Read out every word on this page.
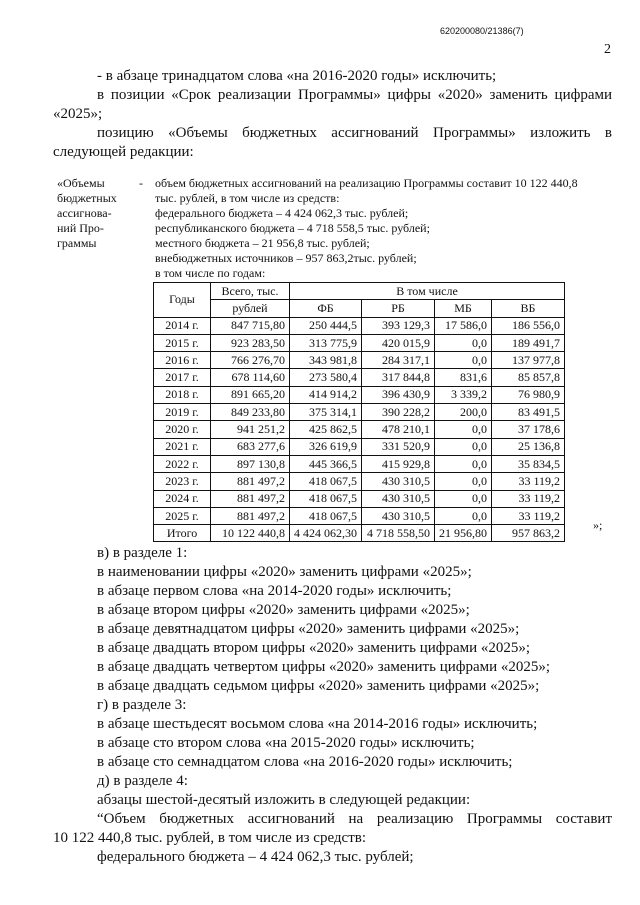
620200080/21386(7)
2
- в абзаце тринадцатом слова «на 2016-2020 годы» исключить;
в позиции «Срок реализации Программы» цифры «2020» заменить цифрами
«2025»;
позицию «Объемы бюджетных ассигнований Программы» изложить в
следующей редакции:
«Объемы
бюджетных
ассигнова-
ний Про-
граммы
- объем бюджетных ассигнований на реализацию Программы составит 10 122 440,8
тыс. рублей, в том числе из средств:
федерального бюджета – 4 424 062,3 тыс. рублей;
республиканского бюджета – 4 718 558,5 тыс. рублей;
местного бюджета – 21 956,8 тыс. рублей;
внебюджетных источников – 957 863,2тыс. рублей;
в том числе по годам:
Годы	Всего, тыс.	В том числе			
	рублей	ФБ	РБ	МБ	ВБ
2014 г.	847 715,80	250 444,5	393 129,3	17 586,0	186 556,0
2015 г.	923 283,50	313 775,9	420 015,9	0,0	189 491,7
2016 г.	766 276,70	343 981,8	284 317,1	0,0	137 977,8
2017 г.	678 114,60	273 580,4	317 844,8	831,6	85 857,8
2018 г.	891 665,20	414 914,2	396 430,9	3 339,2	76 980,9
2019 г.	849 233,80	375 314,1	390 228,2	200,0	83 491,5
2020 г.	941 251,2	425 862,5	478 210,1	0,0	37 178,6
2021 г.	683 277,6	326 619,9	331 520,9	0,0	25 136,8
2022 г.	897 130,8	445 366,5	415 929,8	0,0	35 834,5
2023 г.	881 497,2	418 067,5	430 310,5	0,0	33 119,2
2024 г.	881 497,2	418 067,5	430 310,5	0,0	33 119,2
2025 г.	881 497,2	418 067,5	430 310,5	0,0	33 119,2
Итого	10 122 440,8	4 424 062,30	4 718 558,50	21 956,80	957 863,2
»;
в) в разделе 1:
в наименовании цифры «2020» заменить цифрами «2025»;
в абзаце первом слова «на 2014-2020 годы» исключить;
в абзаце втором цифры «2020» заменить цифрами «2025»;
в абзаце девятнадцатом цифры «2020» заменить цифрами «2025»;
в абзаце двадцать втором цифры «2020» заменить цифрами «2025»;
в абзаце двадцать четвертом цифры «2020» заменить цифрами «2025»;
в абзаце двадцать седьмом цифры «2020» заменить цифрами «2025»;
г) в разделе 3:
в абзаце шестьдесят восьмом слова «на 2014-2016 годы» исключить;
в абзаце сто втором слова «на 2015-2020 годы» исключить;
в абзаце сто семнадцатом слова «на 2016-2020 годы» исключить;
д) в разделе 4:
абзацы шестой-десятый изложить в следующей редакции:
“Объем бюджетных ассигнований на реализацию Программы составит
10 122 440,8 тыс. рублей, в том числе из средств:
федерального бюджета – 4 424 062,3 тыс. рублей;
